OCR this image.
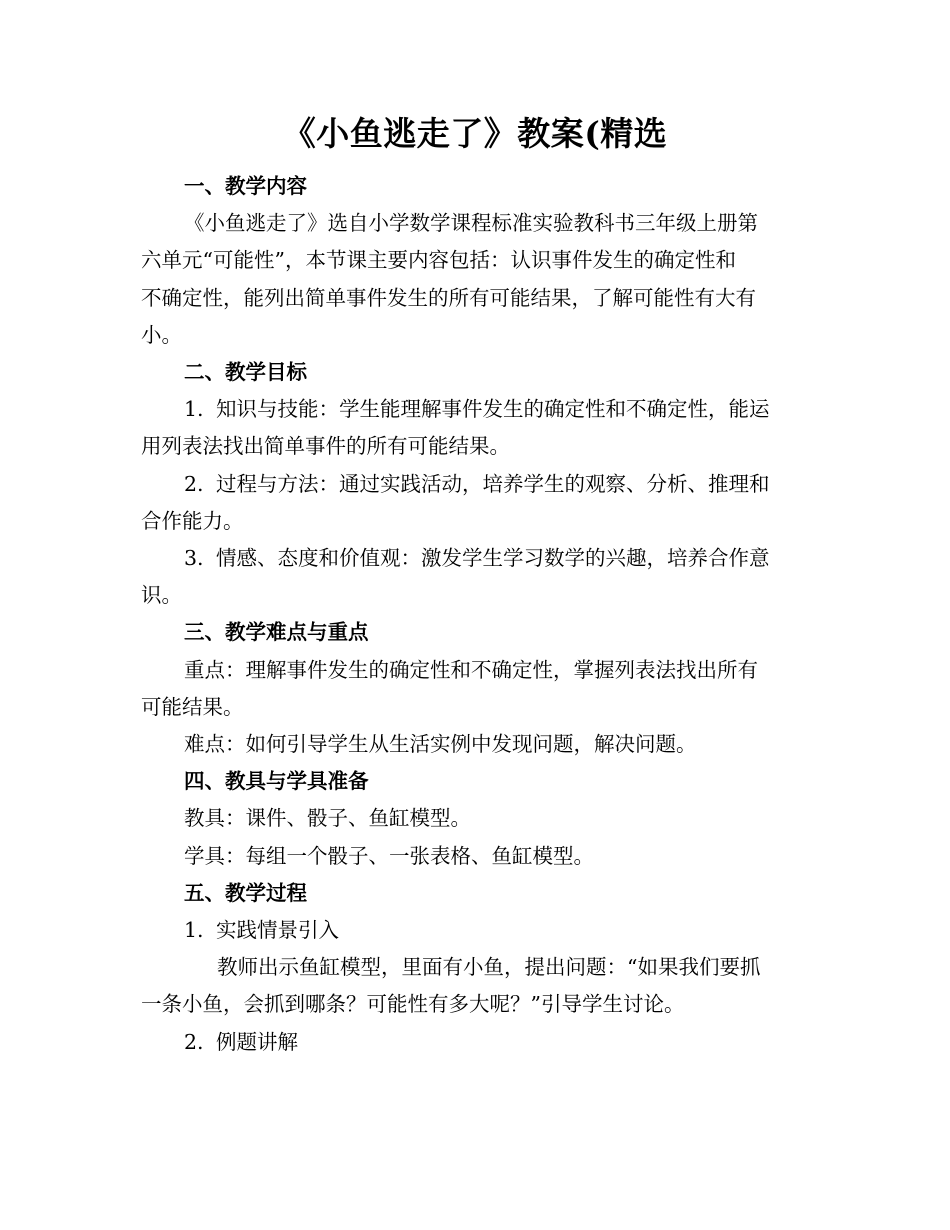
《小鱼逃走了》教案(精选

一、教学内容

《小鱼逃走了》选自小学数学课程标准实验教科书三年级上册第

六单元“可能性”，本节课主要内容包括：认识事件发生的确定性和

不确定性，能列出简单事件发生的所有可能结果，了解可能性有大有

小。

二、教学目标

1. 知识与技能：学生能理解事件发生的确定性和不确定性，能运

用列表法找出简单事件的所有可能结果。

2. 过程与方法：通过实践活动，培养学生的观察、分析、推理和

合作能力。

3. 情感、态度和价值观：激发学生学习数学的兴趣，培养合作意

识。

三、教学难点与重点

重点：理解事件发生的确定性和不确定性，掌握列表法找出所有

可能结果。

难点：如何引导学生从生活实例中发现问题，解决问题。

四、教具与学具准备

教具：课件、骰子、鱼缸模型。

学具：每组一个骰子、一张表格、鱼缸模型。

五、教学过程

1. 实践情景引入

教师出示鱼缸模型，里面有小鱼，提出问题：“如果我们要抓

一条小鱼，会抓到哪条？可能性有多大呢？”引导学生讨论。

2. 例题讲解
